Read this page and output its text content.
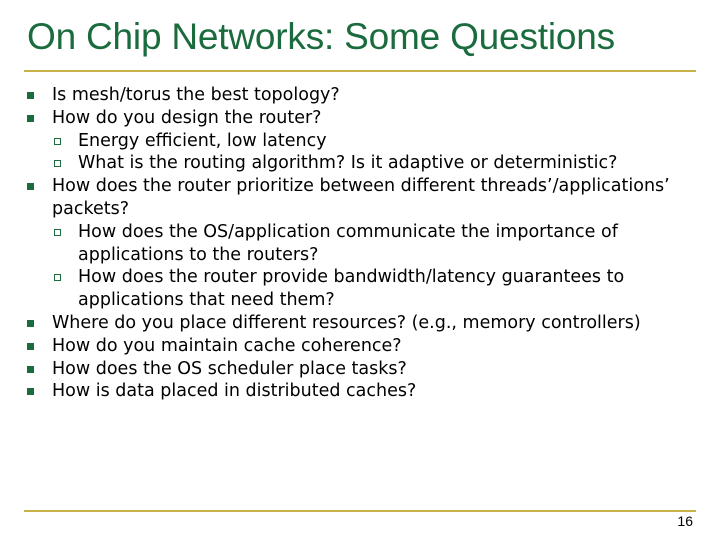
On Chip Networks: Some Questions
Is mesh/torus the best topology?
How do you design the router?
Energy efficient, low latency
What is the routing algorithm? Is it adaptive or deterministic?
How does the router prioritize between different threads’/applications’ packets?
How does the OS/application communicate the importance of applications to the routers?
How does the router provide bandwidth/latency guarantees to applications that need them?
Where do you place different resources? (e.g., memory controllers)
How do you maintain cache coherence?
How does the OS scheduler place tasks?
How is data placed in distributed caches?
16
